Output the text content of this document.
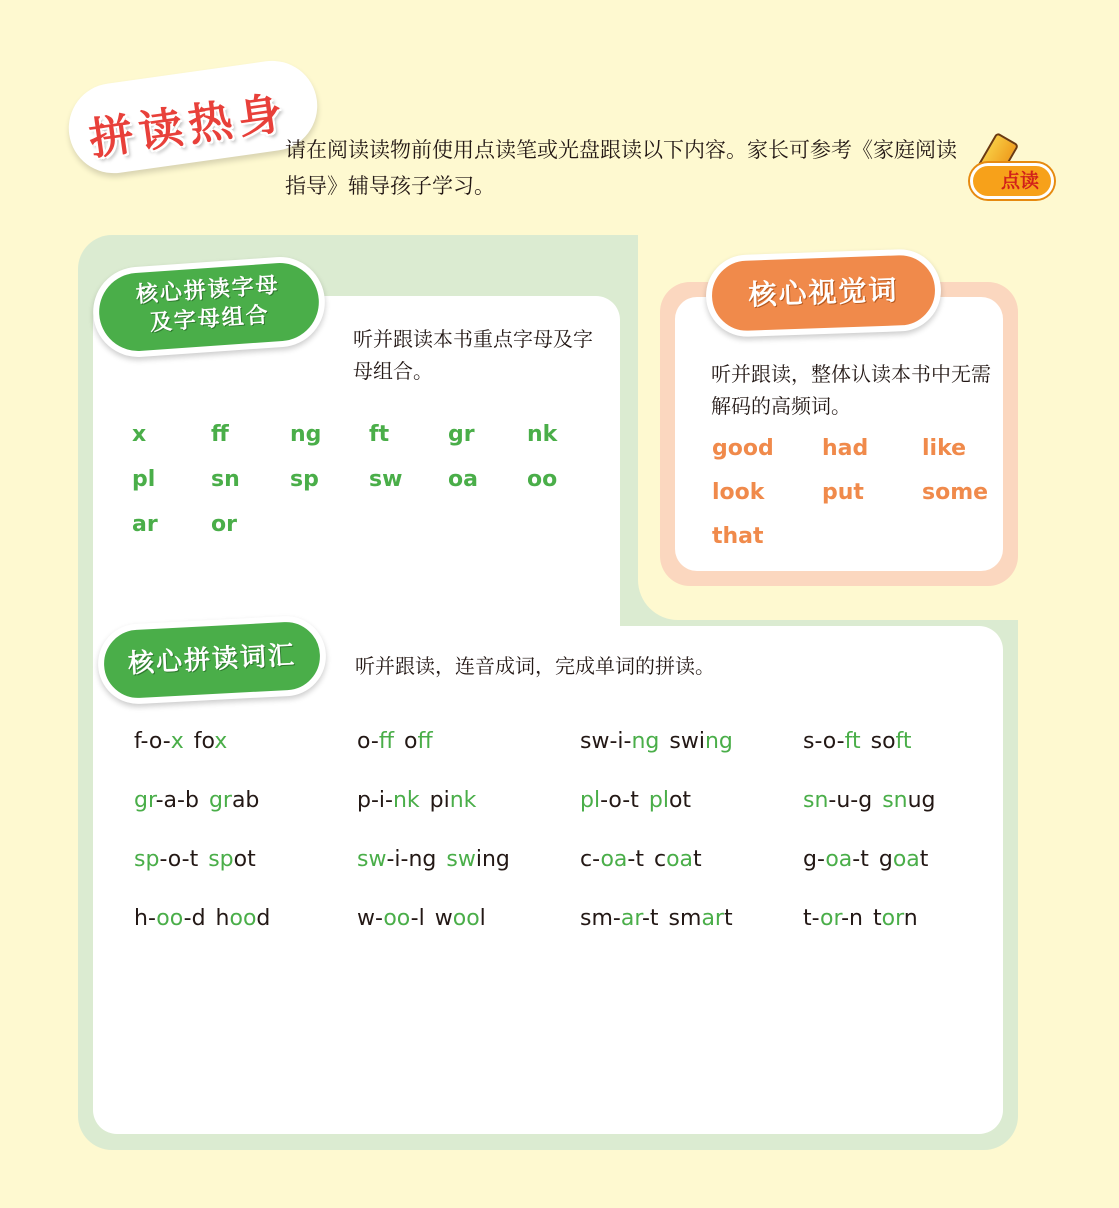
拼读热身
请在阅读读物前使用点读笔或光盘跟读以下内容。家长可参考《家庭阅读指导》辅导孩子学习。	点读
核心拼读字母
及字母组合
核心视觉词
核心拼读词汇
听并跟读本书重点字母及字母组合。	听并跟读，整体认读本书中无需解码的高频词。
听并跟读，连音成词，完成单词的拼读。
x	ff	ng	ft	gr	nk
pl	sn	sp	sw	oa	oo
ar	or
good	had	like
look	put	some
that
f-o-x fox	o-ff off	sw-i-ng swing	s-o-ft soft
gr-a-b grab	p-i-nk pink	pl-o-t plot	sn-u-g snug
sp-o-t spot	sw-i-ng swing	c-oa-t coat	g-oa-t goat
h-oo-d hood	w-oo-l wool	sm-ar-t smart	t-or-n torn
